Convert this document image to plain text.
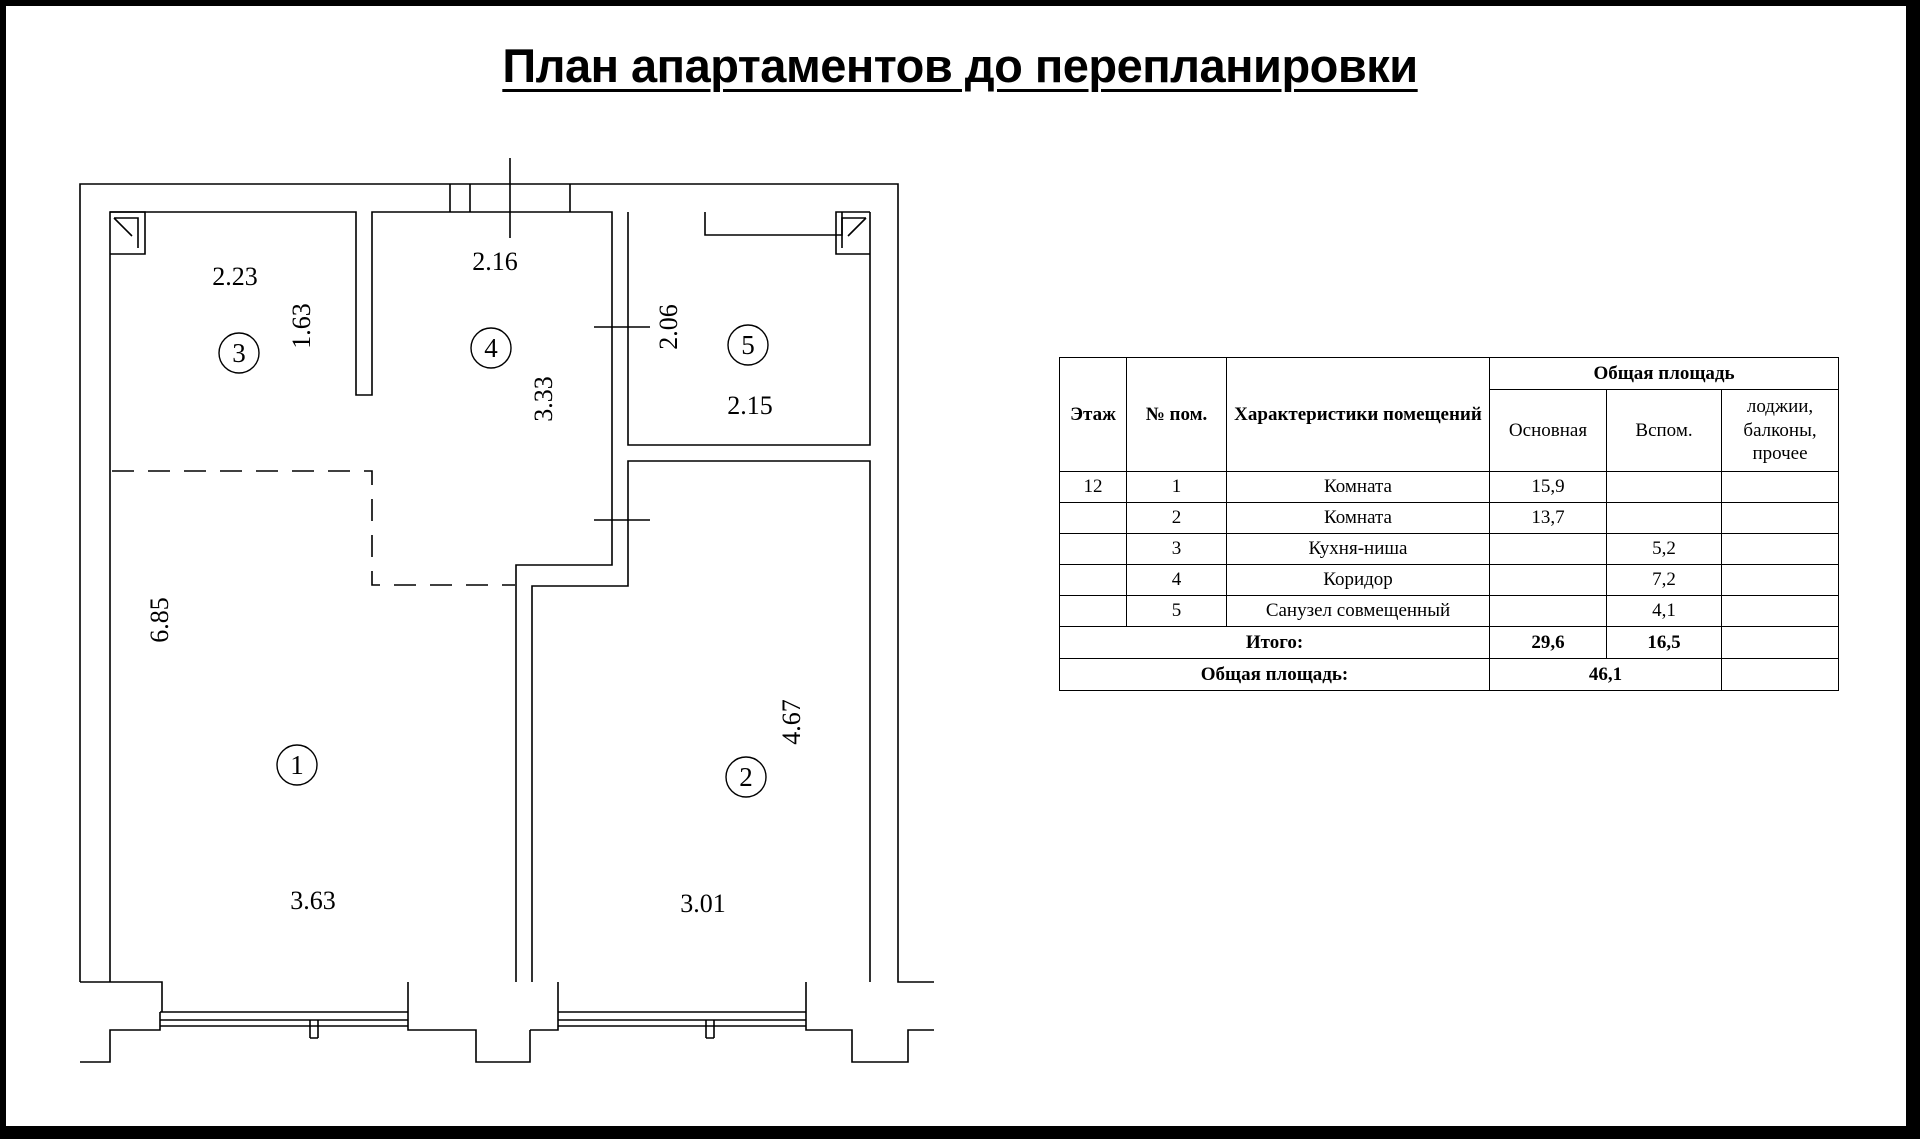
План апартаментов до перепланировки
3	4	5
1	2
2.23
1.63
2.16
3.33
2.06
2.15
6.85
3.63
4.67
3.01
Этаж	№ пом.	Характеристики помещений	Общая площадь		
			Основная	Вспом.	лоджии, балконы, прочее
12	1	Комната	15,9		
	2	Комната	13,7		
	3	Кухня-ниша		5,2	
	4	Коридор		7,2	
	5	Санузел совмещенный		4,1	
Итого:			29,6	16,5	
Общая площадь:			46,1		
